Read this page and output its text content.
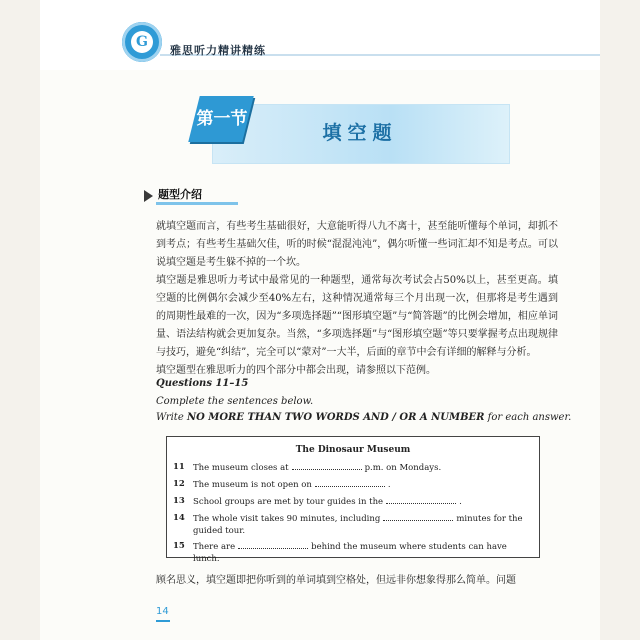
G
雅思听力精讲精练
第一节
填空题
题型介绍
就填空题而言，有些考生基础很好，大意能听得八九不离十，甚至能听懂每个单词，却抓不到考点；有些考生基础欠佳，听的时候“混混沌沌”，偶尔听懂一些词汇却不知是考点。可以说填空题是考生躲不掉的一个坎。
填空题是雅思听力考试中最常见的一种题型，通常每次考试会占50%以上，甚至更高。填空题的比例偶尔会减少至40%左右，这种情况通常每三个月出现一次，但那将是考生遇到的周期性最难的一次，因为“多项选择题”“图形填空题”与“简答题”的比例会增加，相应单词量、语法结构就会更加复杂。当然，“多项选择题”与“图形填空题”等只要掌握考点出现规律与技巧，避免“纠结”，完全可以“蒙对”一大半，后面的章节中会有详细的解释与分析。
填空题型在雅思听力的四个部分中都会出现，请参照以下范例。
Questions 11–15
Complete the sentences below.
Write NO MORE THAN TWO WORDS AND / OR A NUMBER for each answer.
The Dinosaur Museum
11 The museum closes at	p.m. on Mondays.
12 The museum is not open on	.
13 School groups are met by tour guides in the	.
14 The whole visit takes 90 minutes, including	minutes for the guided tour.
15 There are	behind the museum where students can have lunch.
顾名思义，填空题即把你听到的单词填到空格处，但远非你想象得那么简单。问题
14
